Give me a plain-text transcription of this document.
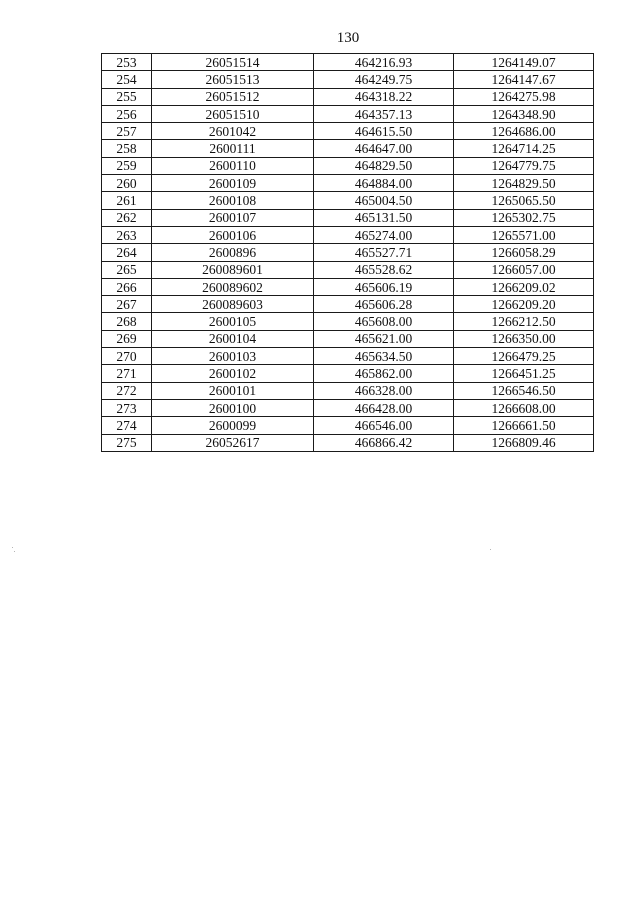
130
253	26051514	464216.93	1264149.07
254	26051513	464249.75	1264147.67
255	26051512	464318.22	1264275.98
256	26051510	464357.13	1264348.90
257	2601042	464615.50	1264686.00
258	2600111	464647.00	1264714.25
259	2600110	464829.50	1264779.75
260	2600109	464884.00	1264829.50
261	2600108	465004.50	1265065.50
262	2600107	465131.50	1265302.75
263	2600106	465274.00	1265571.00
264	2600896	465527.71	1266058.29
265	260089601	465528.62	1266057.00
266	260089602	465606.19	1266209.02
267	260089603	465606.28	1266209.20
268	2600105	465608.00	1266212.50
269	2600104	465621.00	1266350.00
270	2600103	465634.50	1266479.25
271	2600102	465862.00	1266451.25
272	2600101	466328.00	1266546.50
273	2600100	466428.00	1266608.00
274	2600099	466546.00	1266661.50
275	26052617	466866.42	1266809.46
